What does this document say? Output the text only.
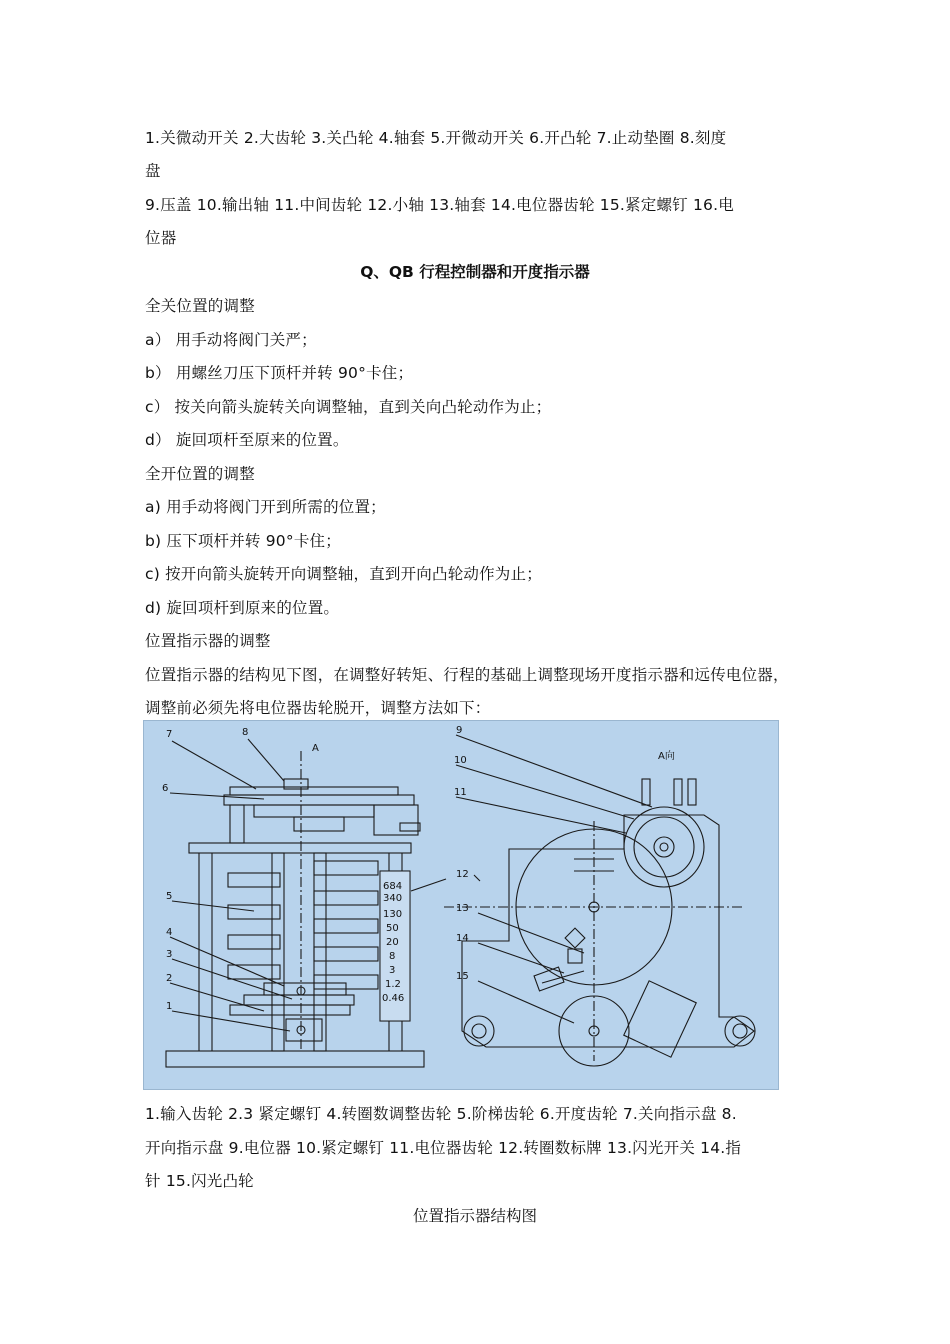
1.关微动开关 2.大齿轮 3.关凸轮 4.轴套 5.开微动开关 6.开凸轮 7.止动垫圈 8.刻度
盘
9.压盖 10.输出轴 11.中间齿轮 12.小轴 13.轴套 14.电位器齿轮 15.紧定螺钉 16.电
位器
Q、QB 行程控制器和开度指示器
全关位置的调整
a） 用手动将阀门关严；
b） 用螺丝刀压下顶杆并转 90°卡住；
c） 按关向箭头旋转关向调整轴，直到关向凸轮动作为止；
d） 旋回项杆至原来的位置。
全开位置的调整
a) 用手动将阀门开到所需的位置；
b) 压下项杆并转 90°卡住；
c) 按开向箭头旋转开向调整轴，直到开向凸轮动作为止；
d) 旋回项杆到原来的位置。
位置指示器的调整
位置指示器的结构见下图，在调整好转矩、行程的基础上调整现场开度指示器和远传电位器，
调整前必须先将电位器齿轮脱开，调整方法如下：
7	8
A
6
5
4
3
2
1
684
340
130
50
20
8
3
1.2
0.46
9
10
11
12
13
14
15
A向
1.输入齿轮 2.3 紧定螺钉 4.转圈数调整齿轮 5.阶梯齿轮 6.开度齿轮 7.关向指示盘 8.
开向指示盘 9.电位器 10.紧定螺钉 11.电位器齿轮 12.转圈数标牌 13.闪光开关 14.指
针 15.闪光凸轮
位置指示器结构图
